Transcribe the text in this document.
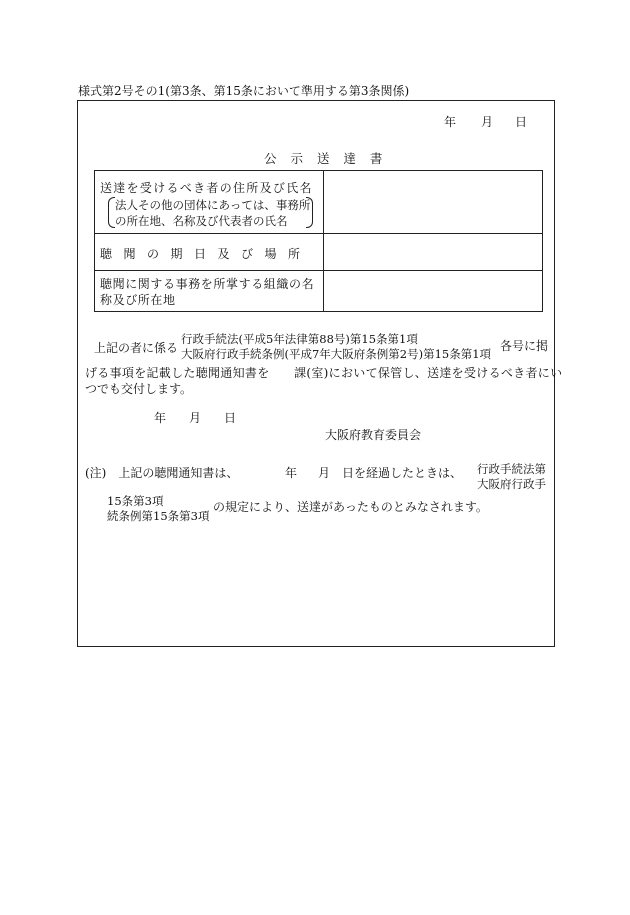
様式第2号その1(第3条、第15条において準用する第3条関係)
年 月 日
公 示 送 達 書
送達を受けるべき者の住所及び氏名
法人その他の団体にあっては、事務所
の所在地、名称及び代表者の氏名	

聴聞の期日及び場所	

聴聞に関する事務を所掌する組織の名称及び所在地	

上記の者に係る
行政手続法(平成5年法律第88号)第15条第1項
大阪府行政手続条例(平成7年大阪府条例第2号)第15条第1項
各号に掲
げる事項を記載した聴聞通知書を　　課(室)において保管し、送達を受けるべき者にい
つでも交付します。
年 月 日
大阪府教育委員会
(注)　上記の聴聞通知書は、	年 月 日を経過したときは、 行政手続法第
大阪府行政手
15条第3項
続条例第15条第3項
の規定により、送達があったものとみなされます。
